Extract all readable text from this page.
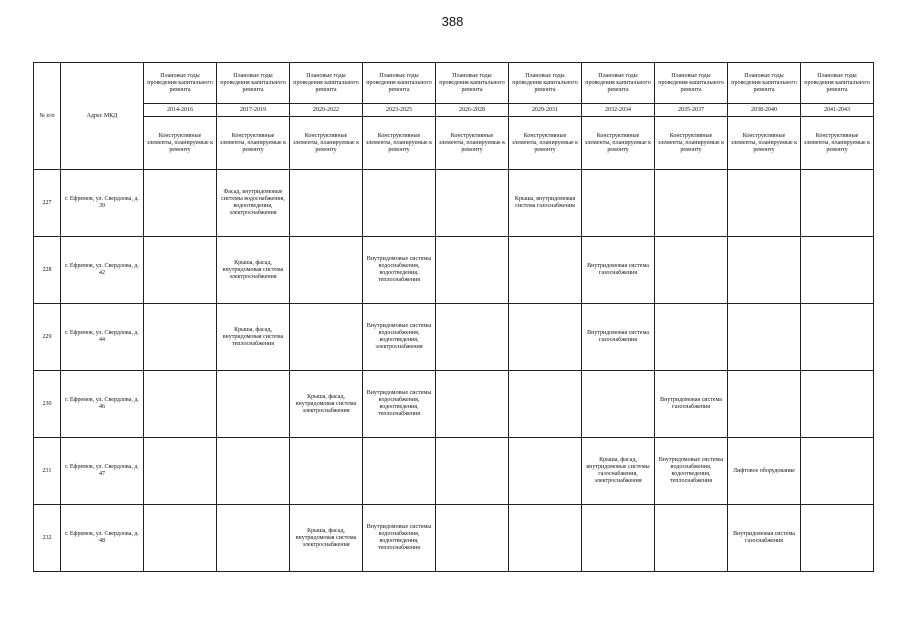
388
№ п/п	Адрес МКД	Плановые годы проведения капитального ремонта	Плановые годы проведения капитального ремонта	Плановые годы проведения капитального ремонта	Плановые годы проведения капитального ремонта	Плановые годы проведения капитального ремонта	Плановые годы проведения капитального ремонта	Плановые годы проведения капитального ремонта	Плановые годы проведения капитального ремонта	Плановые годы проведения капитального ремонта	Плановые годы проведения капитального ремонта
		2014-2016	2017-2019	2020-2022	2023-2025	2026-2028	2029-2031	2032-2034	2035-2037	2038-2040	2041-2043
		Конструктивные элементы, планируемые к ремонту	Конструктивные элементы, планируемые к ремонту	Конструктивные элементы, планируемые к ремонту	Конструктивные элементы, планируемые к ремонту	Конструктивные элементы, планируемые к ремонту	Конструктивные элементы, планируемые к ремонту	Конструктивные элементы, планируемые к ремонту	Конструктивные элементы, планируемые к ремонту	Конструктивные элементы, планируемые к ремонту	Конструктивные элементы, планируемые к ремонту
227	г. Ефремов, ул. Свердлова, д. 39		Фасад, внутридомовые системы водоснабжения, водоотведения, электроснабжения				Крыша, внутридомовая система газоснабжения				
228	г. Ефремов, ул. Свердлова, д. 42		Крыша, фасад, внутридомовая система электроснабжения		Внутридомовые системы водоснабжения, водоотведения, теплоснабжения			Внутридомовая система газоснабжения			
229	г. Ефремов, ул. Свердлова, д. 44		Крыша, фасад, внутридомовая система теплоснабжения		Внутридомовые системы водоснабжения, водоотведения, электроснабжения			Внутридомовая система газоснабжения			
230	г. Ефремов, ул. Свердлова, д. 46			Крыша, фасад, внутридомовая система электроснабжения	Внутридомовые системы водоснабжения, водоотведения, теплоснабжения				Внутридомовая система газоснабжения		
231	г. Ефремов, ул. Свердлова, д. 47							Крыша, фасад, внутридомовые системы газоснабжения, электроснабжения	Внутридомовые системы водоснабжения, водоотведения, теплоснабжения	Лифтовое оборудование	
232	г. Ефремов, ул. Свердлова, д. 48			Крыша, фасад, внутридомовая система электроснабжения	Внутридомовые системы водоснабжения, водоотведения, теплоснабжения					Внутридомовая система газоснабжения	
